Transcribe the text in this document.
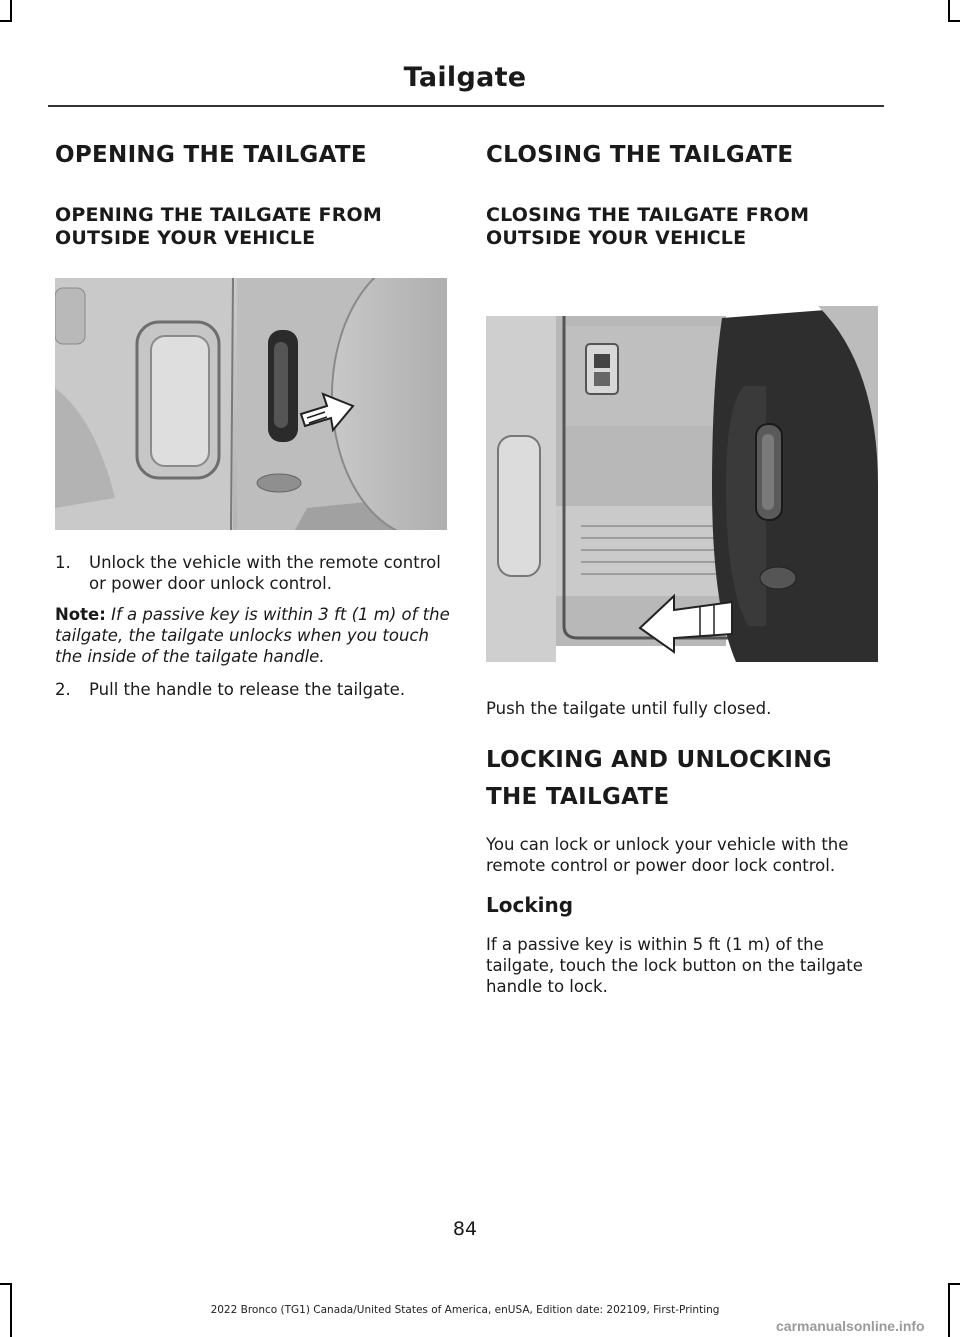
Tailgate
OPENING THE TAILGATE
OPENING THE TAILGATE FROM OUTSIDE YOUR VEHICLE
1. Unlock the vehicle with the remote control or power door unlock control.

Note: If a passive key is within 3 ft (1 m) of the tailgate, the tailgate unlocks when you touch the inside of the tailgate handle.

2. Pull the handle to release the tailgate.
CLOSING THE TAILGATE
CLOSING THE TAILGATE FROM OUTSIDE YOUR VEHICLE

Push the tailgate until fully closed.

LOCKING AND UNLOCKING
THE TAILGATE

You can lock or unlock your vehicle with the remote control or power door lock control.

Locking

If a passive key is within 5 ft (1 m) of the tailgate, touch the lock button on the tailgate handle to lock.

84
2022 Bronco (TG1) Canada/United States of America, enUSA, Edition date: 202109, First-Printing
carmanualsonline.info
